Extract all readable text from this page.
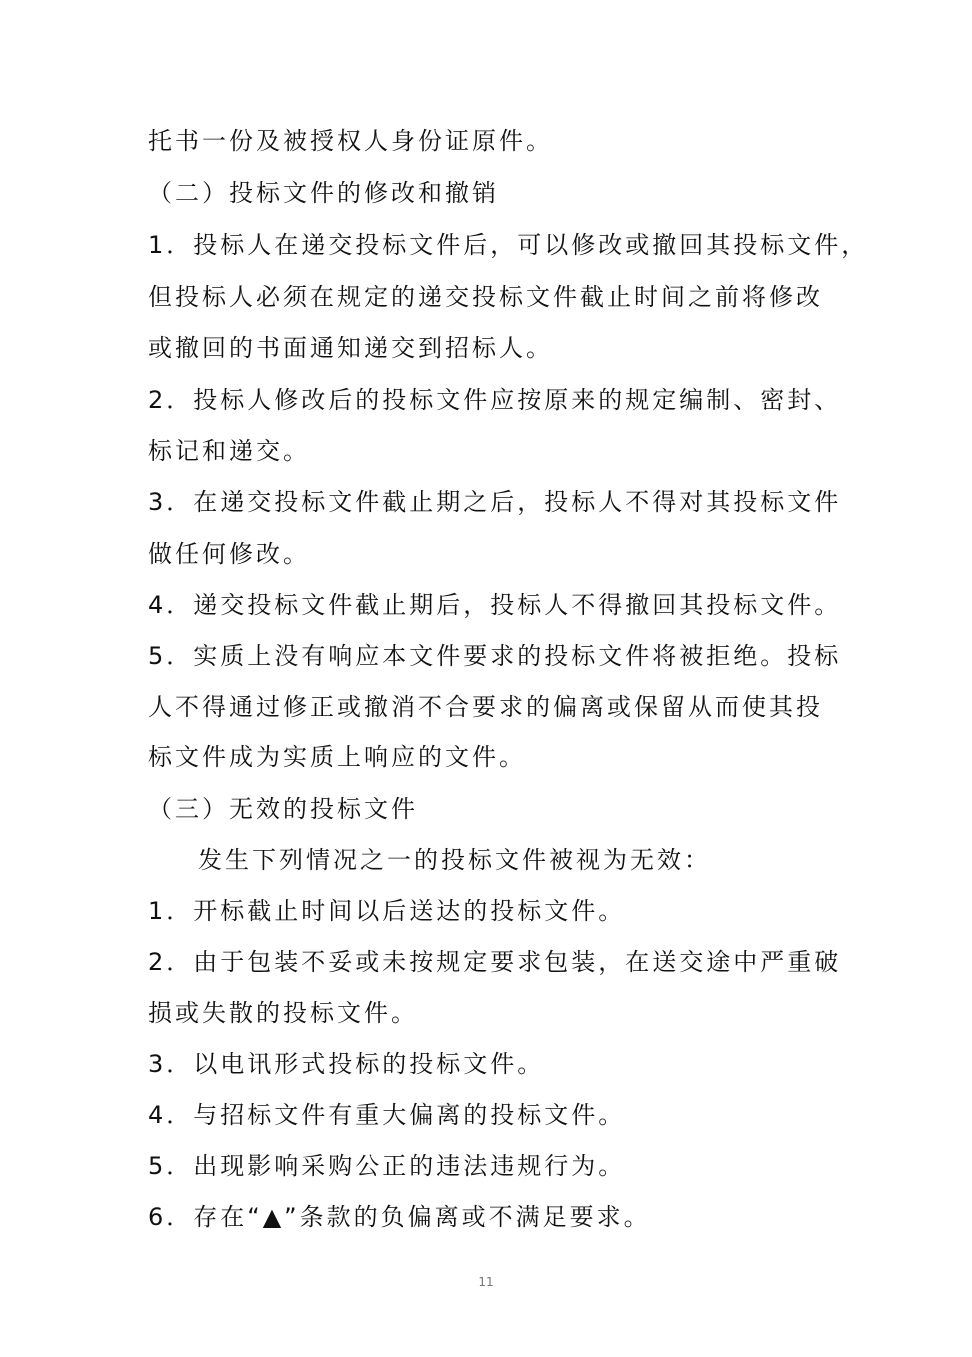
托书一份及被授权人身份证原件。
（二）投标文件的修改和撤销
1．投标人在递交投标文件后，可以修改或撤回其投标文件，
但投标人必须在规定的递交投标文件截止时间之前将修改
或撤回的书面通知递交到招标人。
2．投标人修改后的投标文件应按原来的规定编制、密封、
标记和递交。
3．在递交投标文件截止期之后，投标人不得对其投标文件
做任何修改。
4．递交投标文件截止期后，投标人不得撤回其投标文件。
5．实质上没有响应本文件要求的投标文件将被拒绝。投标
人不得通过修正或撤消不合要求的偏离或保留从而使其投
标文件成为实质上响应的文件。
（三）无效的投标文件
发生下列情况之一的投标文件被视为无效：
1．开标截止时间以后送达的投标文件。
2．由于包装不妥或未按规定要求包装，在送交途中严重破
损或失散的投标文件。
3．以电讯形式投标的投标文件。
4．与招标文件有重大偏离的投标文件。
5．出现影响采购公正的违法违规行为。
6．存在“▲”条款的负偏离或不满足要求。
11
